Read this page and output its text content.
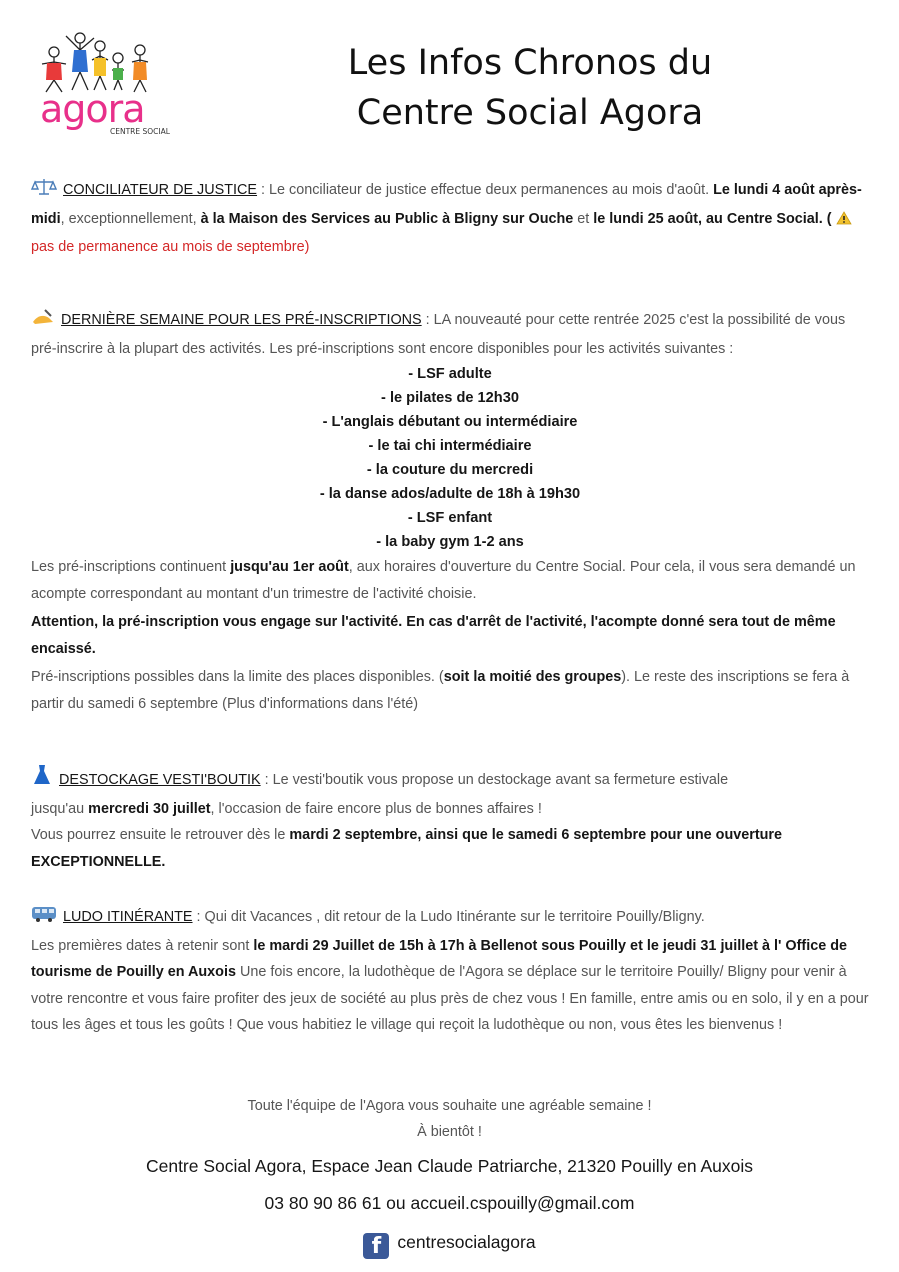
agora
CENTRE SOCIAL
Les Infos Chronos du
Centre Social Agora
CONCILIATEUR DE JUSTICE : Le conciliateur de justice effectue deux permanences au mois d'août. Le lundi 4 août après-midi, exceptionnellement, à la Maison des Services au Public à Bligny sur Ouche et le lundi 25 août, au Centre Social. (  pas de permanence au mois de septembre)
DERNIÈRE SEMAINE POUR LES PRÉ-INSCRIPTIONS : LA nouveauté pour cette rentrée 2025 c'est la possibilité de vous pré-inscrire à la plupart des activités. Les pré-inscriptions sont encore disponibles pour les activités suivantes :
- LSF adulte
- le pilates de 12h30
- L'anglais débutant ou intermédiaire
- le tai chi intermédiaire
- la couture du mercredi
- la danse ados/adulte de 18h à 19h30
- LSF enfant
- la baby gym 1-2 ans
Les pré-inscriptions continuent jusqu'au 1er août, aux horaires d'ouverture du Centre Social. Pour cela, il vous sera demandé un acompte correspondant au montant d'un trimestre de l'activité choisie.
Attention, la pré-inscription vous engage sur l'activité. En cas d'arrêt de l'activité, l'acompte donné sera tout de même encaissé.
Pré-inscriptions possibles dans la limite des places disponibles. (soit la moitié des groupes). Le reste des inscriptions se fera à partir du samedi 6 septembre (Plus d'informations dans l'été)
DESTOCKAGE VESTI'BOUTIK : Le vesti'boutik vous propose un destockage avant sa fermeture estivale
jusqu'au mercredi 30 juillet, l'occasion de faire encore plus de bonnes affaires !
Vous pourrez ensuite le retrouver dès le mardi 2 septembre, ainsi que le samedi 6 septembre pour une ouverture EXCEPTIONNELLE.
LUDO ITINÉRANTE : Qui dit Vacances , dit retour de la Ludo Itinérante sur le territoire Pouilly/Bligny.
Les premières dates à retenir sont le mardi 29 Juillet de 15h à 17h à Bellenot sous Pouilly et le jeudi 31 juillet à l' Office de tourisme de Pouilly en Auxois Une fois encore, la ludothèque de l'Agora se déplace sur le territoire Pouilly/ Bligny pour venir à votre rencontre et vous faire profiter des jeux de société au plus près de chez vous ! En famille, entre amis ou en solo, il y en a pour tous les âges et tous les goûts ! Que vous habitiez le village qui reçoit la ludothèque ou non, vous êtes les bienvenus !
Toute l'équipe de l'Agora vous souhaite une agréable semaine !
À bientôt !
Centre Social Agora, Espace Jean Claude Patriarche, 21320 Pouilly en Auxois
03 80 90 86 61 ou accueil.cspouilly@gmail.com
f centresocialagora
